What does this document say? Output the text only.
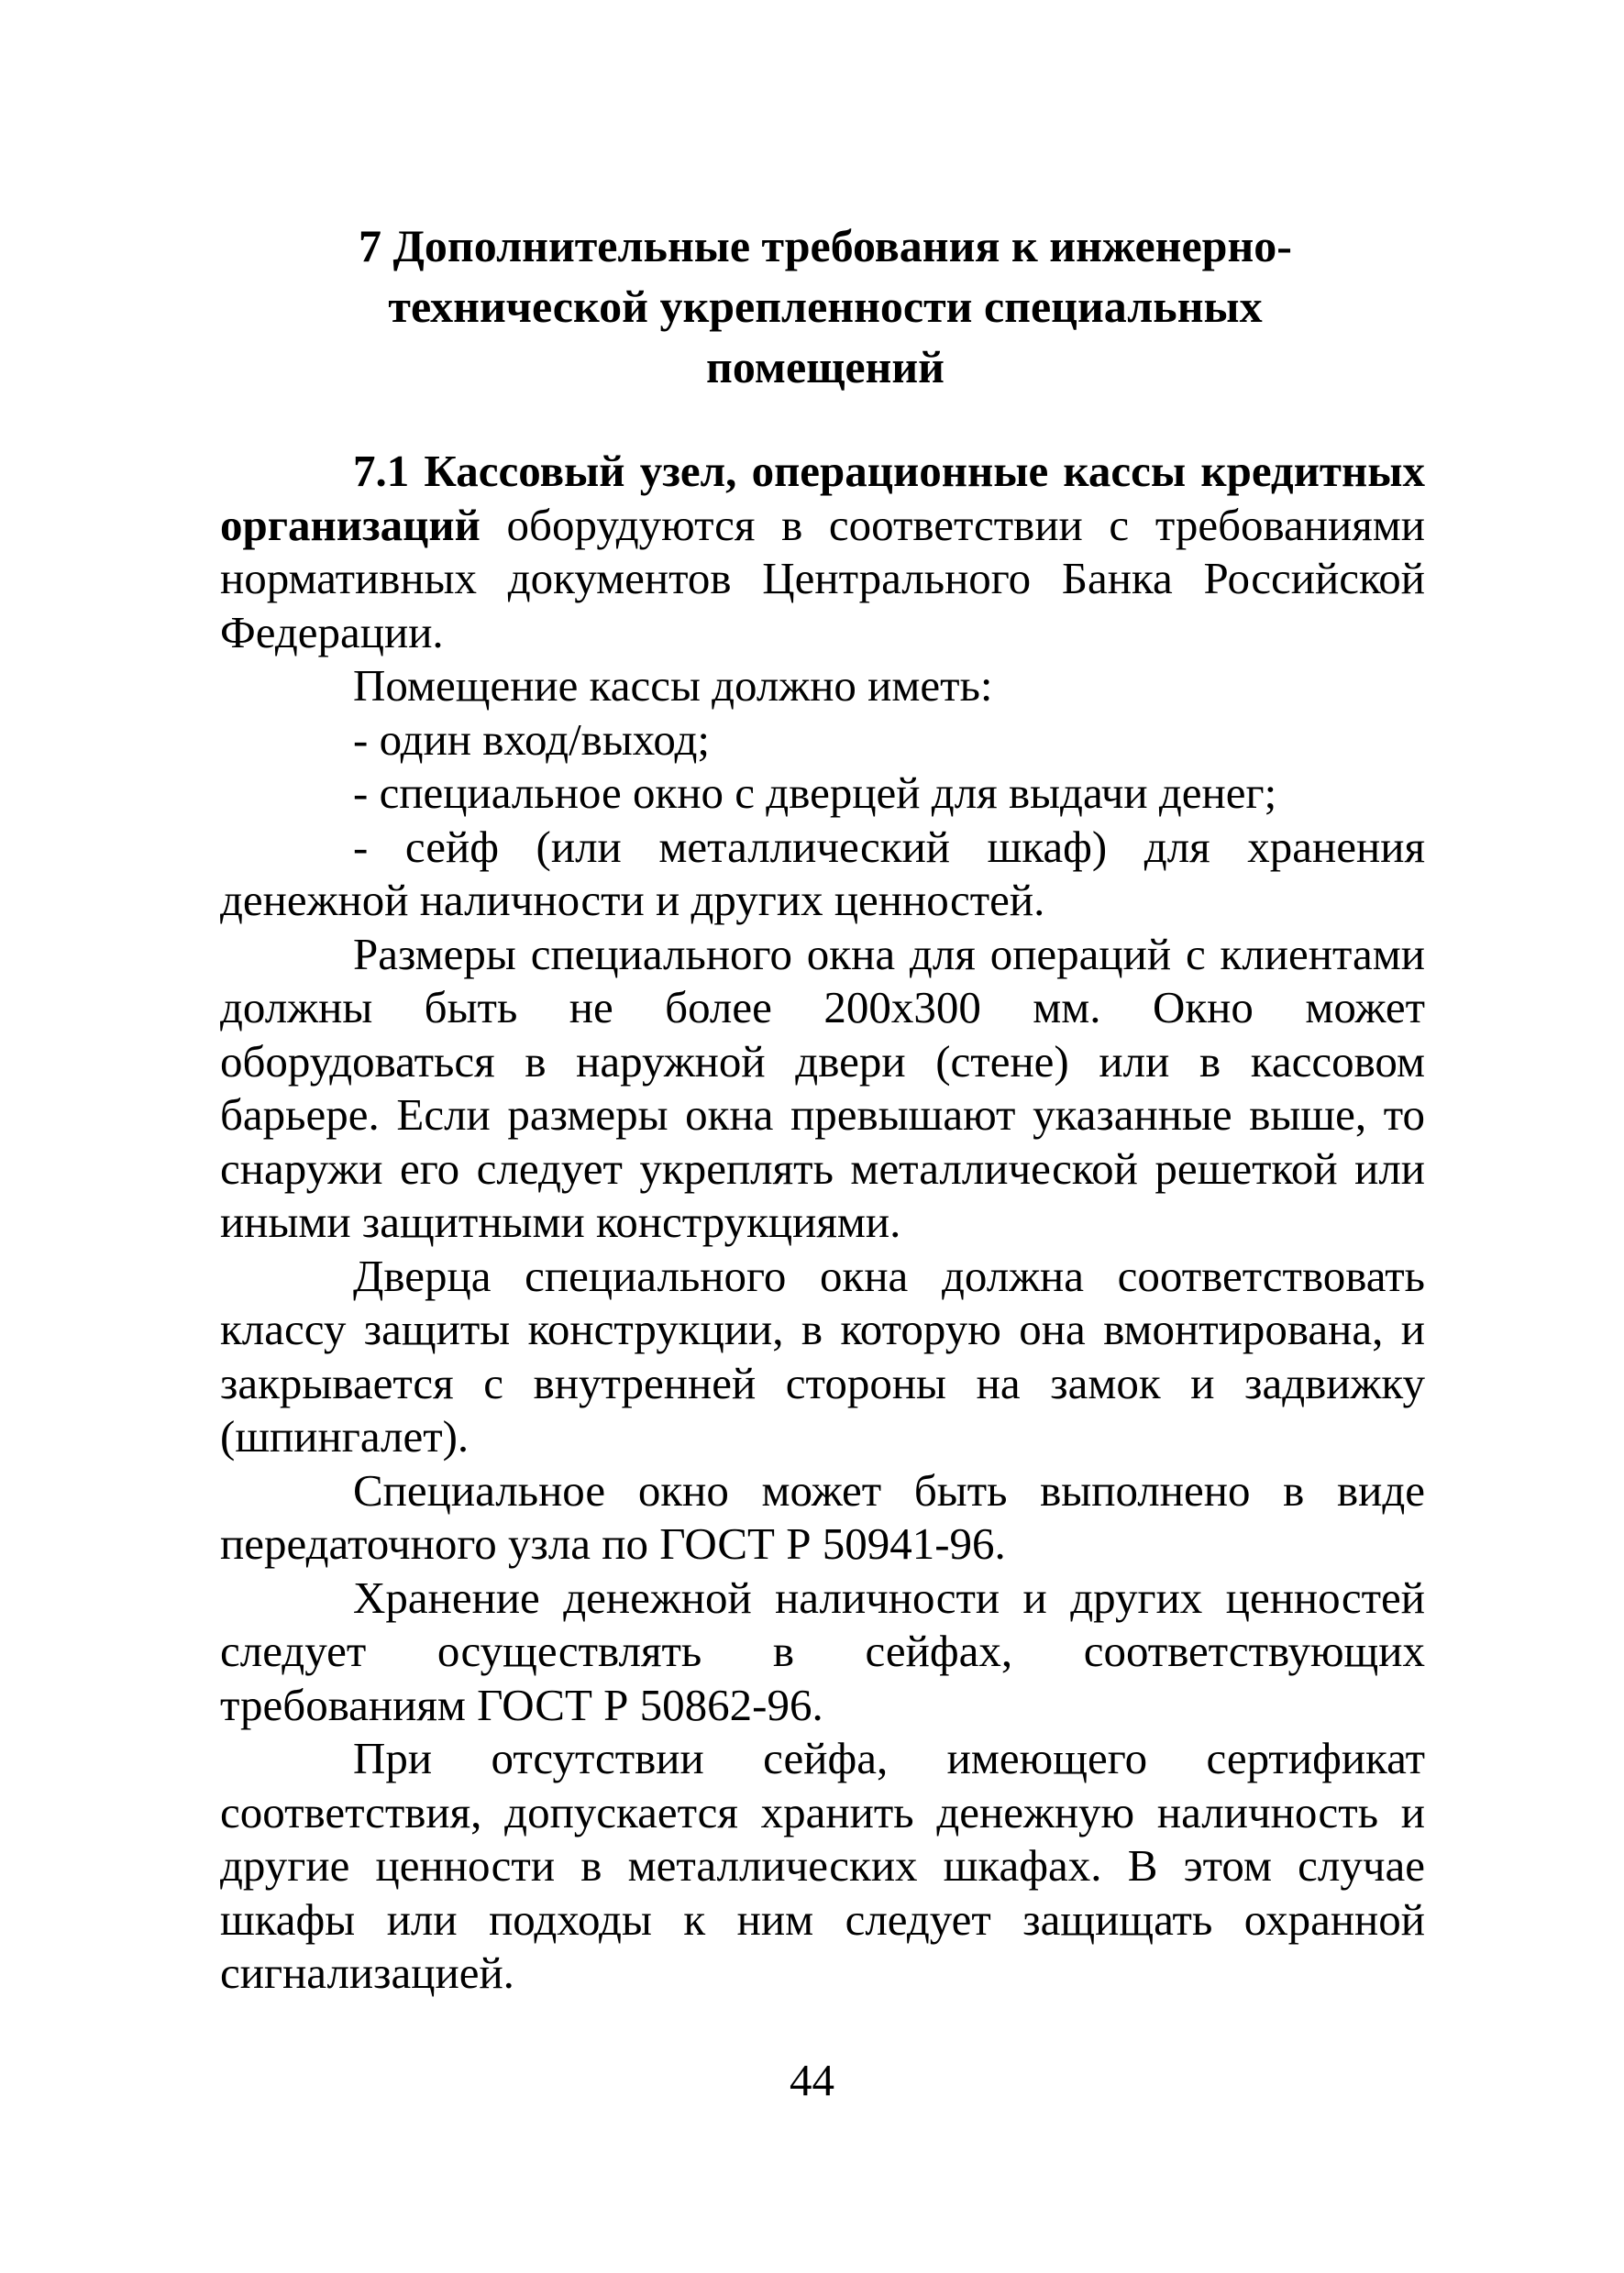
7 Дополнительные требования к инженерно-
технической укрепленности специальных
помещений

7.1 Кассовый узел, операционные кассы кредитных организаций оборудуются в соответствии с требованиями нормативных документов Центрального Банка Российской Федерации.

Помещение кассы должно иметь:

- один вход/выход;

- специальное окно с дверцей для выдачи денег;

- сейф (или металлический шкаф) для хранения денежной наличности и других ценностей.

Размеры специального окна для операций с клиентами должны быть не более 200х300 мм. Окно может оборудоваться в наружной двери (стене) или в кассовом барьере. Если размеры окна превышают указанные выше, то снаружи его следует укреплять металлической решеткой или иными защитными конструкциями.

Дверца специального окна должна соответствовать классу защиты конструкции, в которую она вмонтирована, и закрывается с внутренней стороны на замок и задвижку (шпингалет).

Специальное окно может быть выполнено в виде передаточного узла по ГОСТ Р 50941-96.

Хранение денежной наличности и других ценностей следует осуществлять в сейфах, соответствующих требованиям ГОСТ Р 50862-96.

При отсутствии сейфа, имеющего сертификат соответствия, допускается хранить денежную наличность и другие ценности в металлических шкафах. В этом случае шкафы или подходы к ним следует защищать охранной сигнализацией.

44
